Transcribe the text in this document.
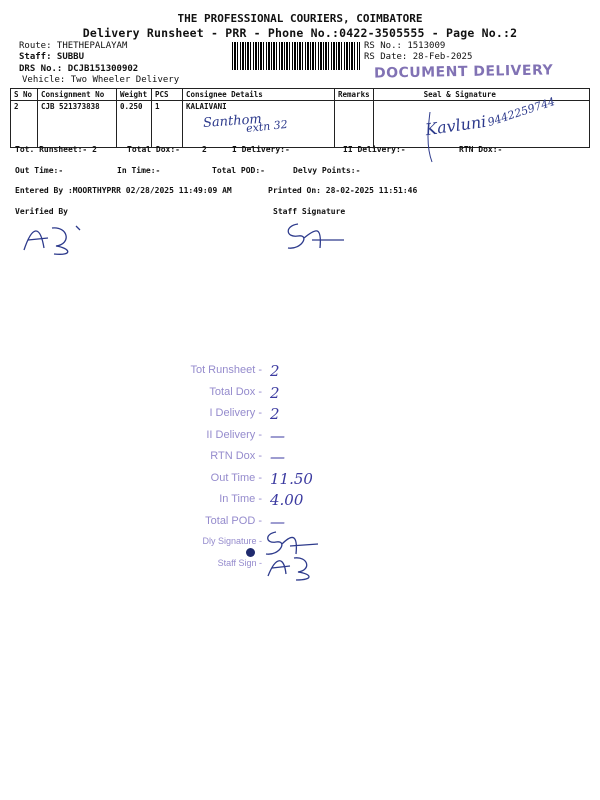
THE PROFESSIONAL COURIERS, COIMBATORE
Delivery Runsheet - PRR - Phone No.:0422-3505555 - Page No.:2
Route: THETHEPALAYAM
Staff: SUBBU
DRS No.: DCJB151300902
Vehicle: Two Wheeler Delivery
RS No.: 1513009
RS Date: 28-Feb-2025
DOCUMENT DELIVERY
S No	Consignment No	Weight	PCS	Consignee Details	Remarks	Seal & Signature
2	CJB 521373838	0.250	1	KALAIVANI		
Santhom
extn 32	Kavluni
9442259744
Tot. Runsheet:- 2	Total Dox:-	2	I Delivery:-	II Delivery:-	RTN Dox:-
Out Time:-	In Time:-	Total POD:-	Delvy Points:-
Entered By :MOORTHYPRR 02/28/2025 11:49:09 AM	Printed On: 28-02-2025 11:51:46
Verified By	Staff Signature
Tot Runsheet - 2
Total Dox - 2
I Delivery - 2
II Delivery - —
RTN Dox - —
Out Time - 11.50
In Time - 4.00
Total POD - —
Dly Signature -
Staff Sign -
